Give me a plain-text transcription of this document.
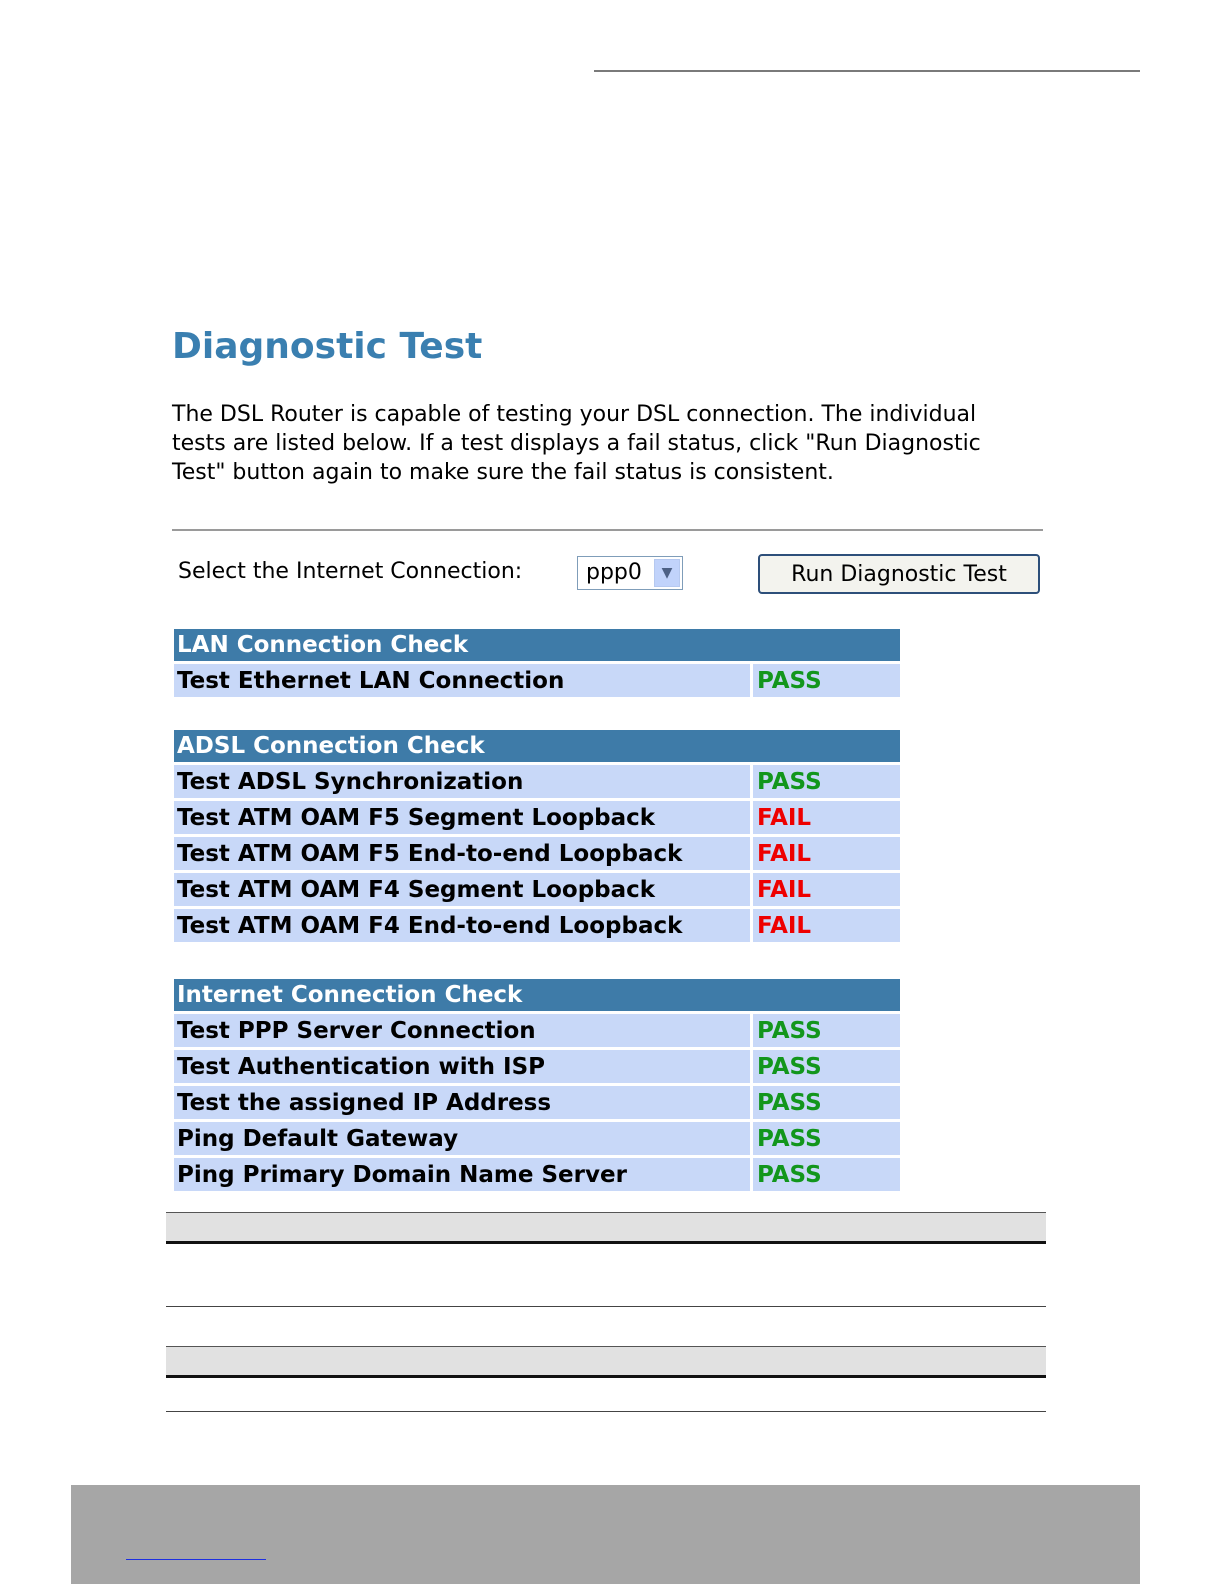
Diagnostic Test

The DSL Router is capable of testing your DSL connection. The individual tests are listed below. If a test displays a fail status, click "Run Diagnostic Test" button again to make sure the fail status is consistent.

Select the Internet Connection:	ppp0	▼	Run Diagnostic Test
LAN Connection Check
Test Ethernet LAN Connection	PASS
ADSL Connection Check	
Test ADSL Synchronization	PASS
Test ATM OAM F5 Segment Loopback	FAIL
Test ATM OAM F5 End-to-end Loopback	FAIL
Test ATM OAM F4 Segment Loopback	FAIL
Test ATM OAM F4 End-to-end Loopback	FAIL
Internet Connection Check	
Test PPP Server Connection	PASS
Test Authentication with ISP	PASS
Test the assigned IP Address	PASS
Ping Default Gateway	PASS
Ping Primary Domain Name Server	PASS
